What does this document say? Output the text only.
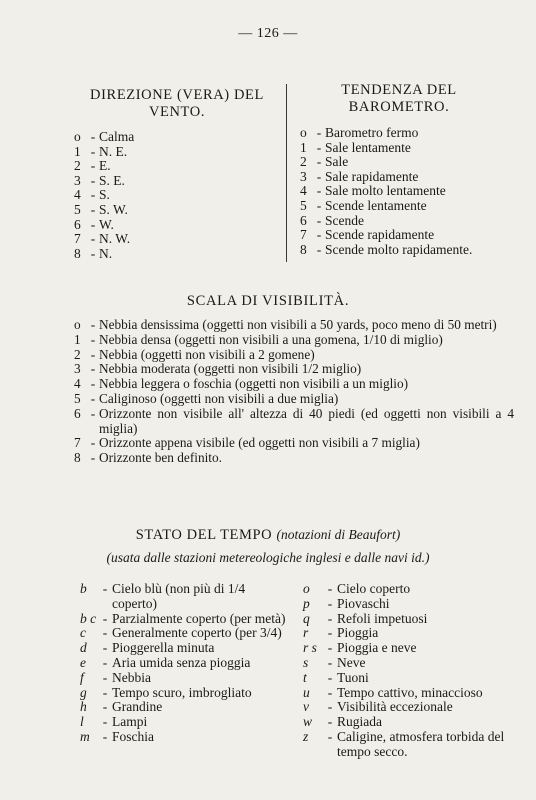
— 126 —
DIREZIONE (VERA) DEL
VENTO.
o - Calma
1 - N. E.
2 - E.
3 - S. E.
4 - S.
5 - S. W.
6 - W.
7 - N. W.
8 - N.
TENDENZA DEL
BAROMETRO.
o - Barometro fermo
1 - Sale lentamente
2 - Sale
3 - Sale rapidamente
4 - Sale molto lentamente
5 - Scende lentamente
6 - Scende
7 - Scende rapidamente
8 - Scende molto rapidamente.
SCALA DI VISIBILITÀ.
o - Nebbia densissima (oggetti non visibili a 50 yards, poco meno di 50 metri)
1 - Nebbia densa (oggetti non visibili a una gomena, 1/10 di miglio)
2 - Nebbia (oggetti non visibili a 2 gomene)
3 - Nebbia moderata (oggetti non visibili 1/2 miglio)
4 - Nebbia leggera o foschia (oggetti non visibili a un miglio)
5 - Caliginoso (oggetti non visibili a due miglia)
6 - Orizzonte non visibile all' altezza di 40 piedi (ed oggetti non visibili a 4 miglia)
7 - Orizzonte appena visibile (ed oggetti non visibili a 7 miglia)
8 - Orizzonte ben definito.
STATO DEL TEMPO (notazioni di Beaufort)
(usata dalle stazioni metereologiche inglesi e dalle navi id.)
b	- Cielo blù (non più di 1/4 coperto)
b c - Parzialmente coperto (per metà)
c	- Generalmente coperto (per 3/4)
d	- Pioggerella minuta
e	- Aria umida senza pioggia
f	- Nebbia
g	- Tempo scuro, imbrogliato
h	- Grandine
l	- Lampi
m - Foschia
o	- Cielo coperto
p	- Piovaschi
q	- Refoli impetuosi
r	- Pioggia
r s - Pioggia e neve
s	- Neve
t	- Tuoni
u	- Tempo cattivo, minaccioso
v	- Visibilità eccezionale
w	- Rugiada
z	- Caligine, atmosfera torbida del tempo secco.
